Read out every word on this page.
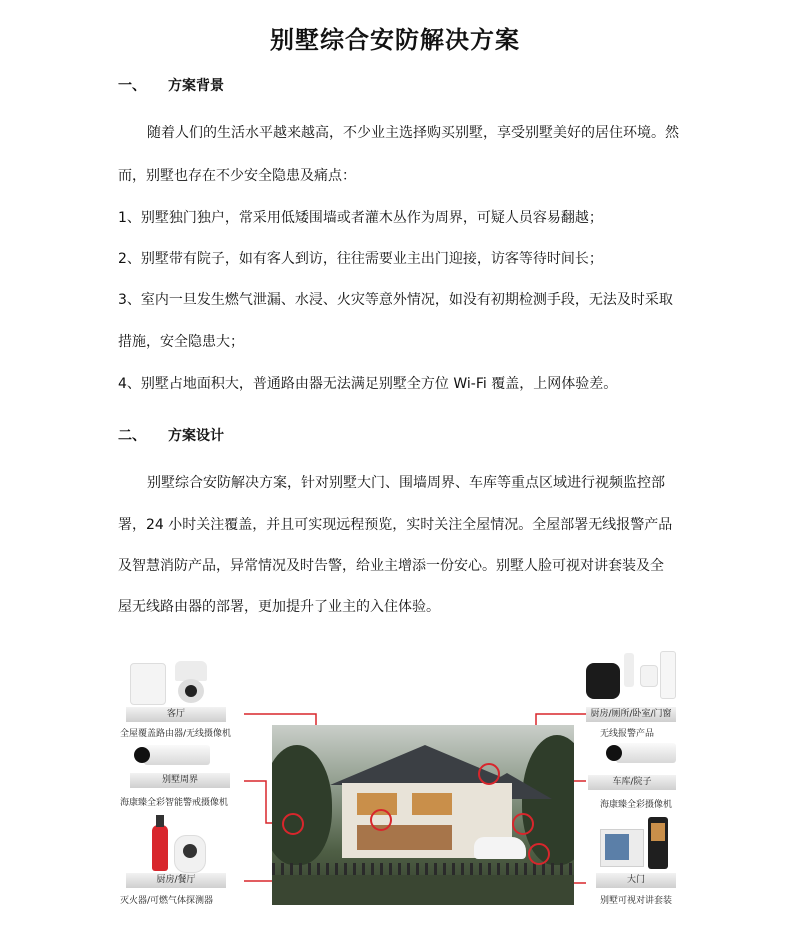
别墅综合安防解决方案
一、 方案背景
随着人们的生活水平越来越高，不少业主选择购买别墅，享受别墅美好的居住环境。然
而，别墅也存在不少安全隐患及痛点：
1、别墅独门独户，常采用低矮围墙或者灌木丛作为周界，可疑人员容易翻越；
2、别墅带有院子，如有客人到访，往往需要业主出门迎接，访客等待时间长；
3、室内一旦发生燃气泄漏、水浸、火灾等意外情况，如没有初期检测手段，无法及时采取
措施，安全隐患大；
4、别墅占地面积大，普通路由器无法满足别墅全方位 Wi-Fi 覆盖，上网体验差。
二、 方案设计
别墅综合安防解决方案，针对别墅大门、围墙周界、车库等重点区域进行视频监控部
署，24 小时关注覆盖，并且可实现远程预览，实时关注全屋情况。全屋部署无线报警产品
及智慧消防产品，异常情况及时告警，给业主增添一份安心。别墅人脸可视对讲套装及全
屋无线路由器的部署，更加提升了业主的入住体验。
客厅
全屋覆盖路由器/无线摄像机
别墅周界
海康臻全彩智能警戒摄像机
厨房/餐厅
灭火器/可燃气体探测器
厨房/厕所/卧室/门窗
无线报警产品
车库/院子
海康臻全彩摄像机
大门
别墅可视对讲套装
